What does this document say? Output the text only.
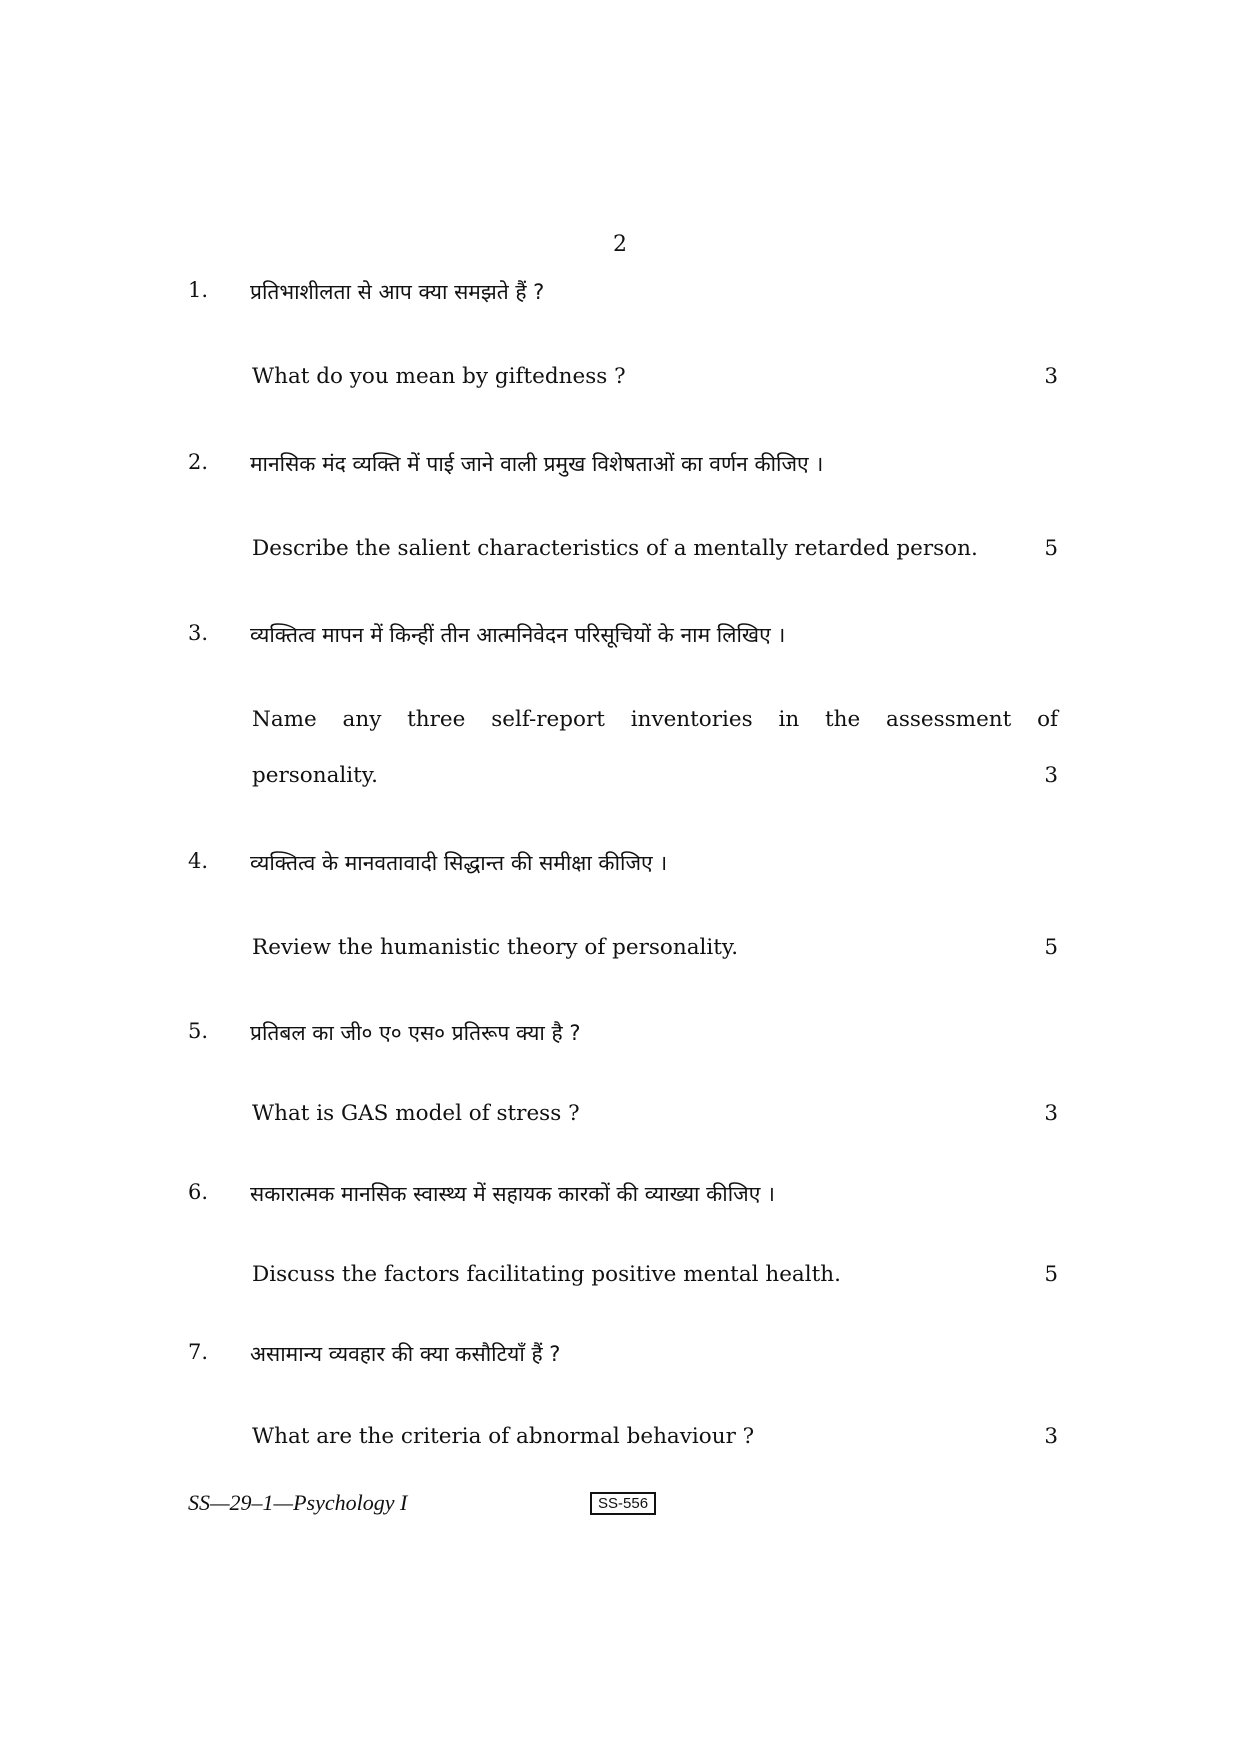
2
1. प्रतिभाशीलता से आप क्या समझते हैं ?
What do you mean by giftedness ?	3
2. मानसिक मंद व्यक्ति में पाई जाने वाली प्रमुख विशेषताओं का वर्णन कीजिए ।
Describe the salient characteristics of a mentally retarded person.	5
3. व्यक्तित्व मापन में किन्हीं तीन आत्मनिवेदन परिसूचियों के नाम लिखिए ।
Name any three self-report inventories in the assessment of
personality.	3
4. व्यक्तित्व के मानवतावादी सिद्धान्त की समीक्षा कीजिए ।
Review the humanistic theory of personality.	5
5. प्रतिबल का जी० ए० एस० प्रतिरूप क्या है ?
What is GAS model of stress ?	3
6. सकारात्मक मानसिक स्वास्थ्य में सहायक कारकों की व्याख्या कीजिए ।
Discuss the factors facilitating positive mental health.	5
7. असामान्य व्यवहार की क्या कसौटियाँ हैं ?
What are the criteria of abnormal behaviour ?	3
SS—29–1—Psychology I	SS-556
